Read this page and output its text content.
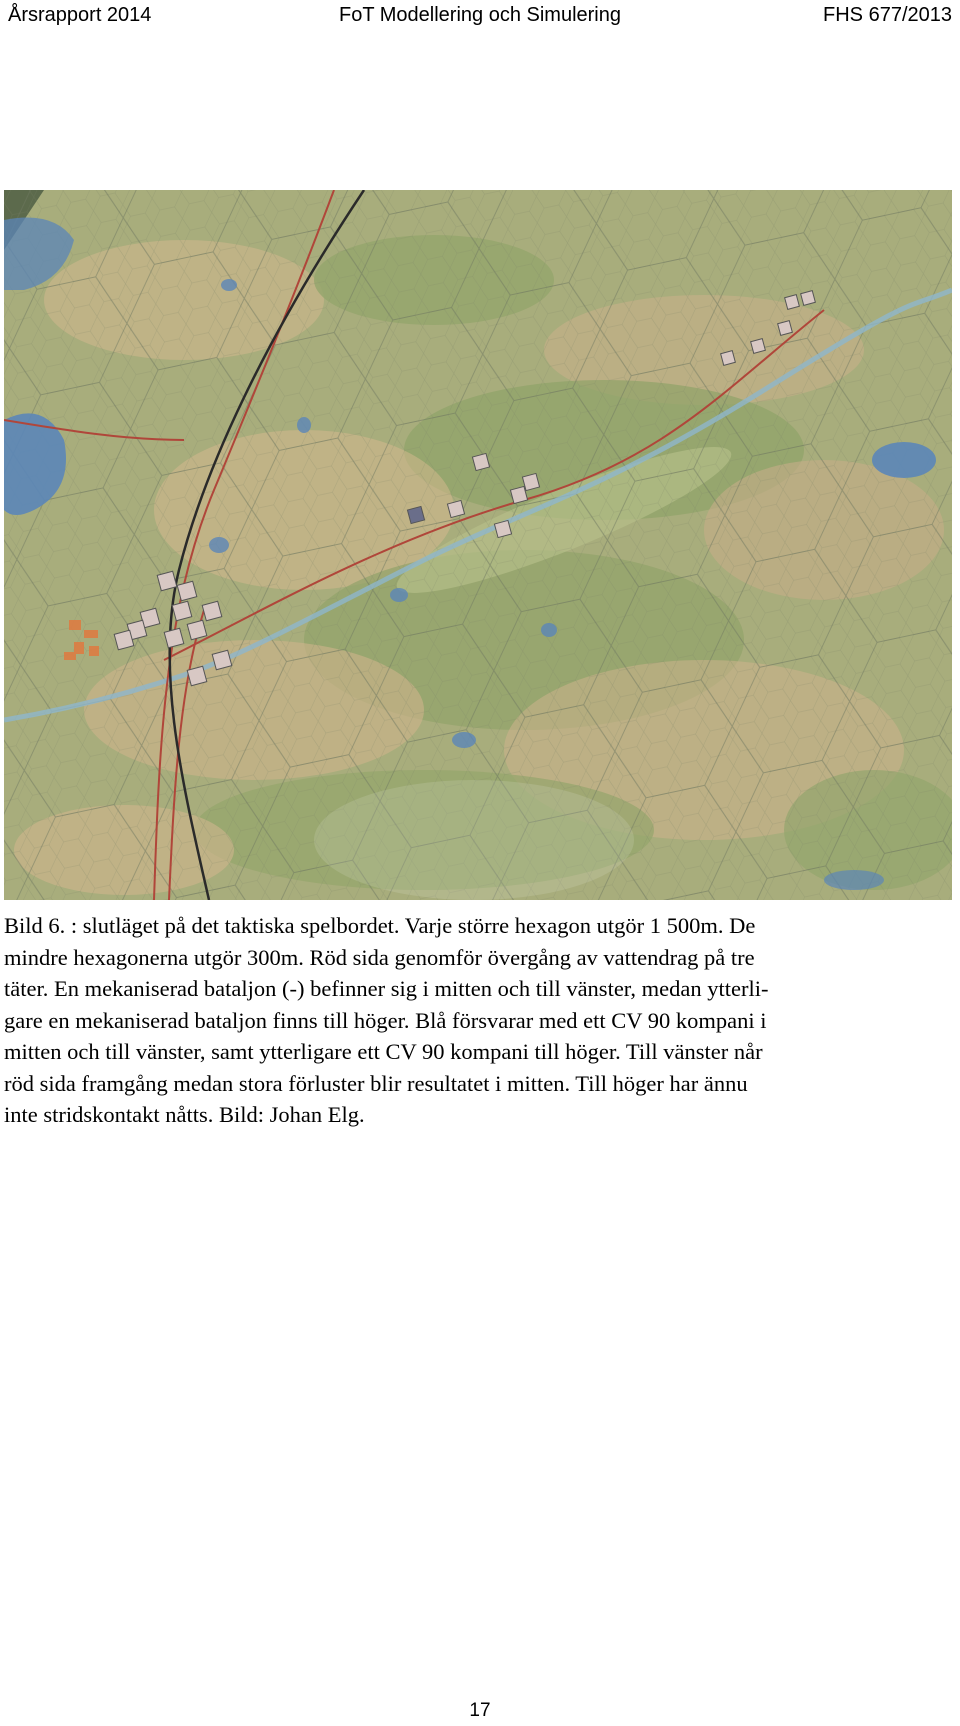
Årsrapport 2014	FoT Modellering och Simulering	FHS 677/2013

Bild 6. : slutläget på det taktiska spelbordet. Varje större hexagon utgör 1 500m. De
mindre hexagonerna utgör 300m. Röd sida genomför övergång av vattendrag på tre
täter. En mekaniserad bataljon (-) befinner sig i mitten och till vänster, medan ytterli-
gare en mekaniserad bataljon finns till höger. Blå försvarar med ett CV 90 kompani i
mitten och till vänster, samt ytterligare ett CV 90 kompani till höger. Till vänster når
röd sida framgång medan stora förluster blir resultatet i mitten. Till höger har ännu
inte stridskontakt nåtts. Bild: Johan Elg.

17
